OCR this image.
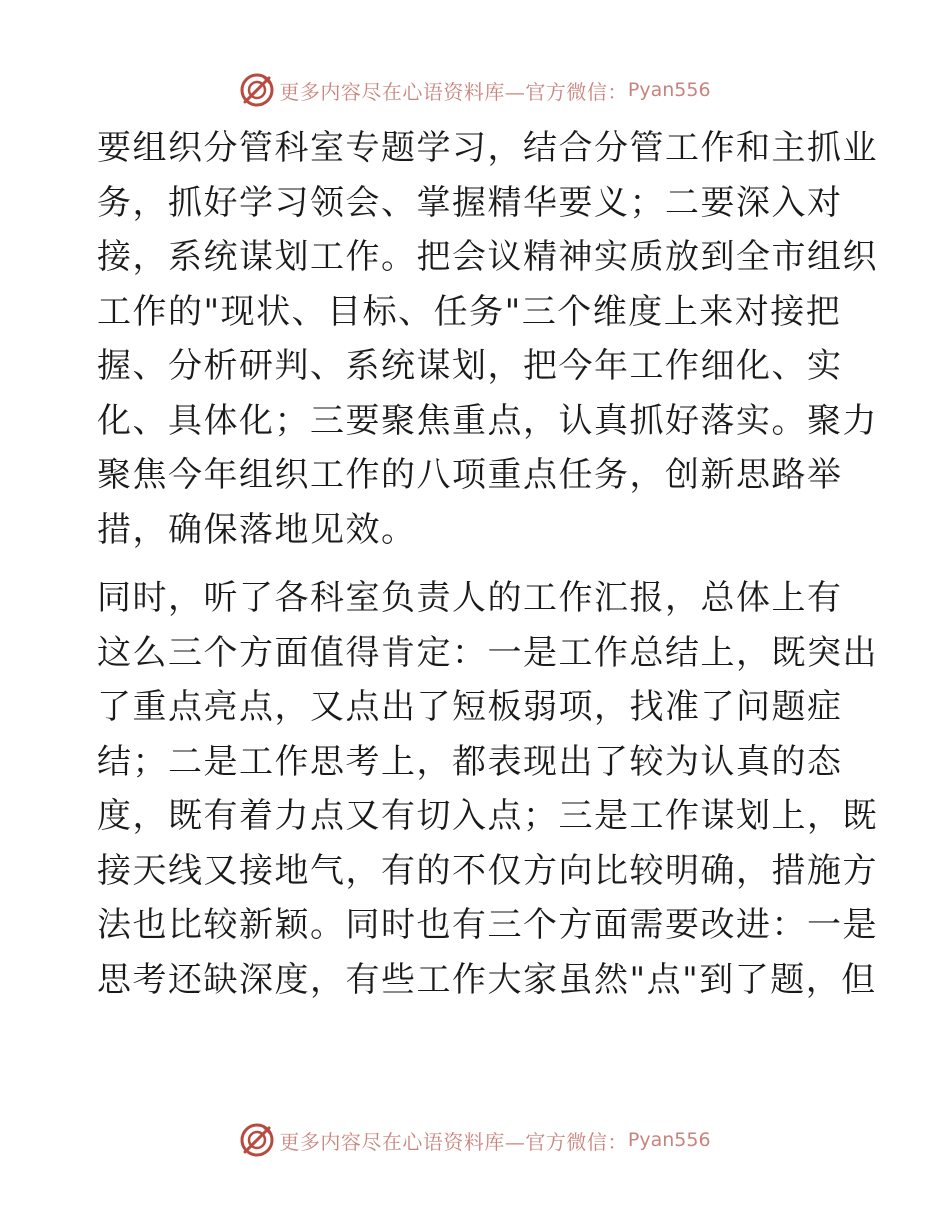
更多内容尽在心语资料库—官方微信： Pyan556
要组织分管科室专题学习，结合分管工作和主抓业
务，抓好学习领会、掌握精华要义；二要深入对
接，系统谋划工作。把会议精神实质放到全市组织
工作的"现状、目标、任务"三个维度上来对接把
握、分析研判、系统谋划，把今年工作细化、实
化、具体化；三要聚焦重点，认真抓好落实。聚力
聚焦今年组织工作的八项重点任务，创新思路举
措，确保落地见效。
同时，听了各科室负责人的工作汇报，总体上有
这么三个方面值得肯定：一是工作总结上，既突出
了重点亮点，又点出了短板弱项，找准了问题症
结；二是工作思考上，都表现出了较为认真的态
度，既有着力点又有切入点；三是工作谋划上，既
接天线又接地气，有的不仅方向比较明确，措施方
法也比较新颖。同时也有三个方面需要改进：一是
思考还缺深度，有些工作大家虽然"点"到了题，但
更多内容尽在心语资料库—官方微信： Pyan556
